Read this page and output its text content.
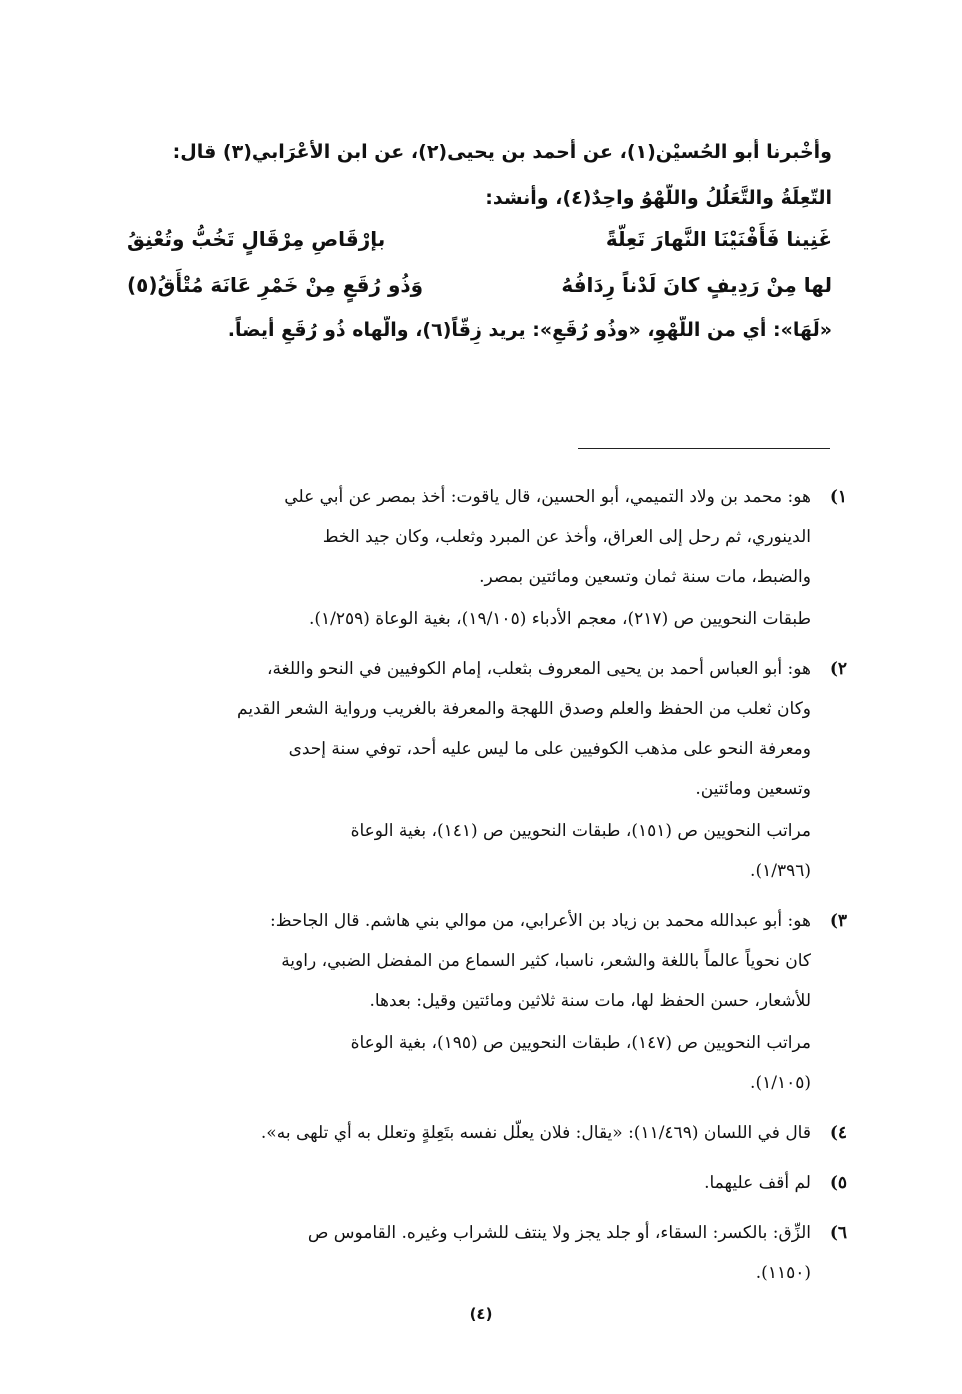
وأَخْبرنا أَبو الحُسيْن(١)، عن أَحمد بن يحيى(٢)، عن ابن الأعْرَابي(٣) قال:
التّعِلَةُ والتَّعَلُلُ واللّهْوُ واحِدٌ(٤)، وأنشد:
غَنِينا فَأَفْنَيْنَا النَّهارَ تَعِلّةً
بإرْقَاصِ مِرْقَالٍ تَخُبُّ وتُعْنِقُ
لها مِنْ رَدِيفٍ كانَ لَدْناً رِدَافُهُ
وَذُو رُقَعٍ مِنْ خَمْرِ عَانَهَ مُتْأَقُ(٥)
«لَهَا»: أي من اللّهْوِ، «وذُو رُقَعٍ»: يريد زِقّاً(٦)، والّهاه ذُو رُقَعٍ أيضاً.
١)
هو: محمد بن ولاد التميمي، أبو الحسين، قال ياقوت: أخذ بمصر عن أبي علي
الدينوري، ثم رحل إلى العراق، وأخذ عن المبرد وثعلب، وكان جيد الخط
والضبط، مات سنة ثمان وتسعين ومائتين بمصر.
طبقات النحويين ص (٢١٧)، معجم الأدباء (١٩/١٠٥)، بغية الوعاة (١/٢٥٩).
٢)
هو: أبو العباس أحمد بن يحيى المعروف بثعلب، إمام الكوفيين في النحو واللغة،
وكان ثعلب من الحفظ والعلم وصدق اللهجة والمعرفة بالغريب ورواية الشعر القديم
ومعرفة النحو على مذهب الكوفيين على ما ليس عليه أحد، توفي سنة إحدى
وتسعين ومائتين.
مراتب النحويين ص (١٥١)، طبقات النحويين ص (١٤١)، بغية الوعاة
(١/٣٩٦).
٣)
هو: أبو عبدالله محمد بن زياد بن الأعرابي، من موالي بني هاشم. قال الجاحظ:
كان نحوياً عالماً باللغة والشعر، ناسبا، كثير السماع من المفضل الضبي، راوية
للأشعار، حسن الحفظ لها، مات سنة ثلاثين ومائتين وقيل: بعدها.
مراتب النحويين ص (١٤٧)، طبقات النحويين ص (١٩٥)، بغية الوعاة
(١/١٠٥).
٤)
قال في اللسان (١١/٤٦٩): «يقال: فلان يعلّل نفسه بتَعِلةٍ وتعلل به أي تلهى به».
٥)
لم أقف عليهما.
٦)
الزِّق: بالكسر: السقاء، أو جلد يجز ولا ينتف للشراب وغيره. القاموس ص
(١١٥٠).
(٤)
